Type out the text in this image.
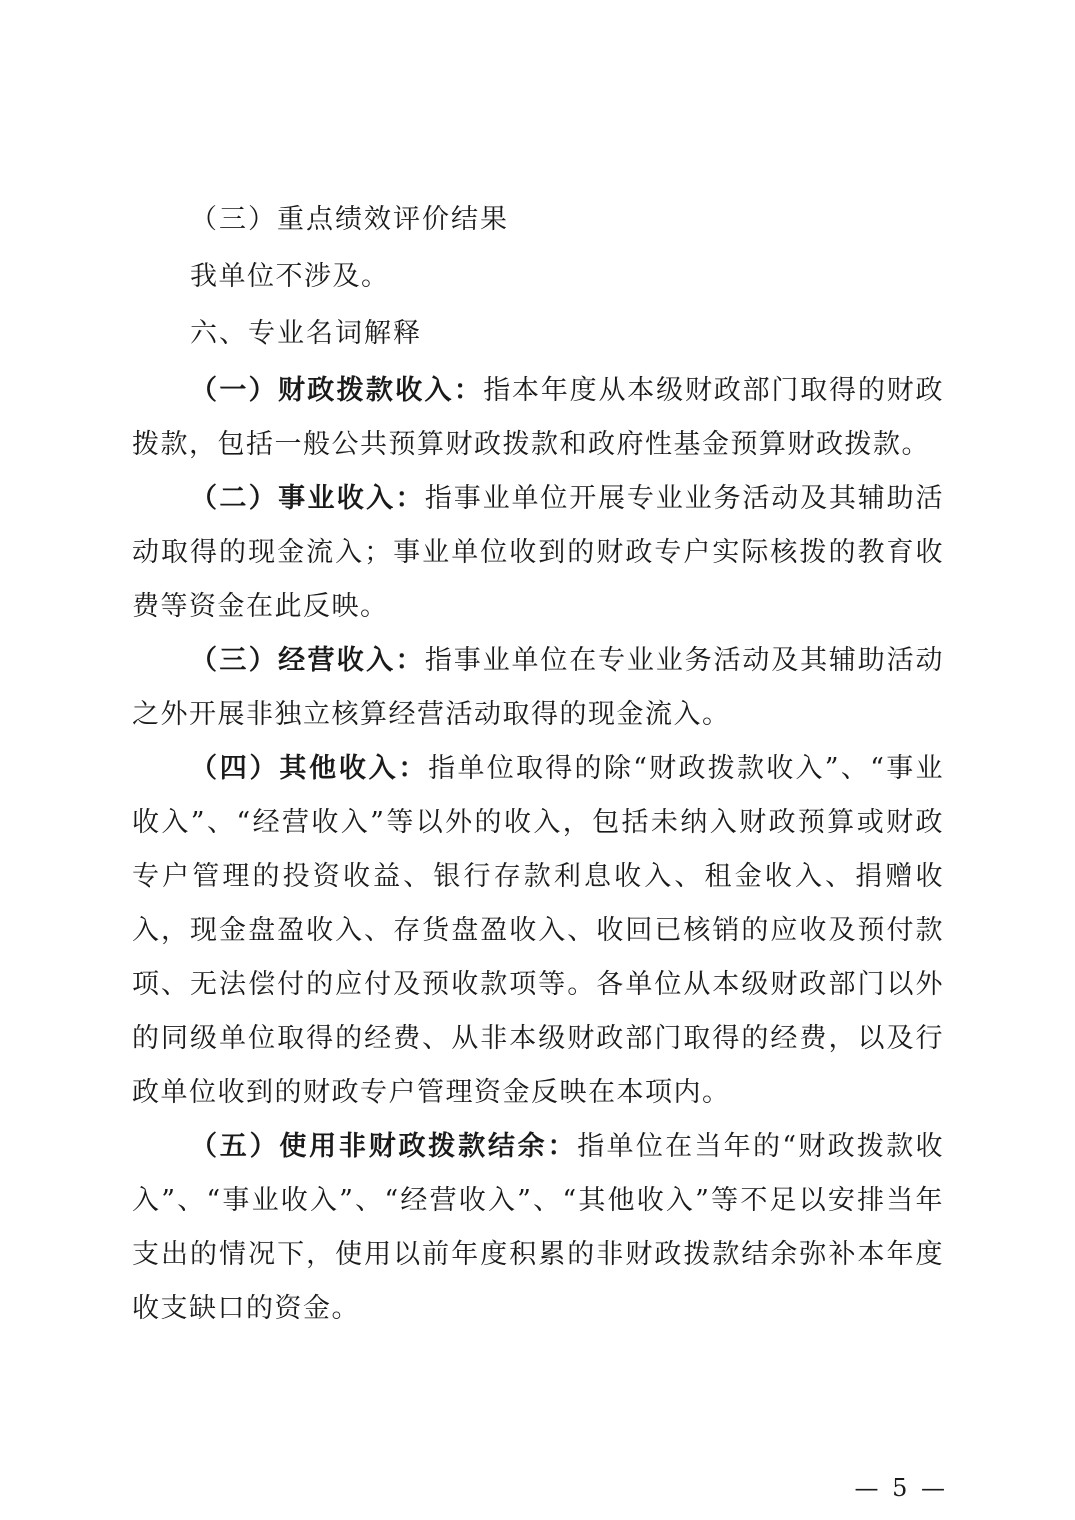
（三）重点绩效评价结果

我单位不涉及。

六、专业名词解释

（一）财政拨款收入：指本年度从本级财政部门取得的财政拨款，包括一般公共预算财政拨款和政府性基金预算财政拨款。

（二）事业收入：指事业单位开展专业业务活动及其辅助活动取得的现金流入；事业单位收到的财政专户实际核拨的教育收费等资金在此反映。

（三）经营收入：指事业单位在专业业务活动及其辅助活动之外开展非独立核算经营活动取得的现金流入。

（四）其他收入：指单位取得的除“财政拨款收入”、“事业收入”、“经营收入”等以外的收入，包括未纳入财政预算或财政专户管理的投资收益、银行存款利息收入、租金收入、捐赠收入，现金盘盈收入、存货盘盈收入、收回已核销的应收及预付款项、无法偿付的应付及预收款项等。各单位从本级财政部门以外的同级单位取得的经费、从非本级财政部门取得的经费，以及行政单位收到的财政专户管理资金反映在本项内。

（五）使用非财政拨款结余：指单位在当年的“财政拨款收入”、“事业收入”、“经营收入”、“其他收入”等不足以安排当年支出的情况下，使用以前年度积累的非财政拨款结余弥补本年度收支缺口的资金。

— 5 —
